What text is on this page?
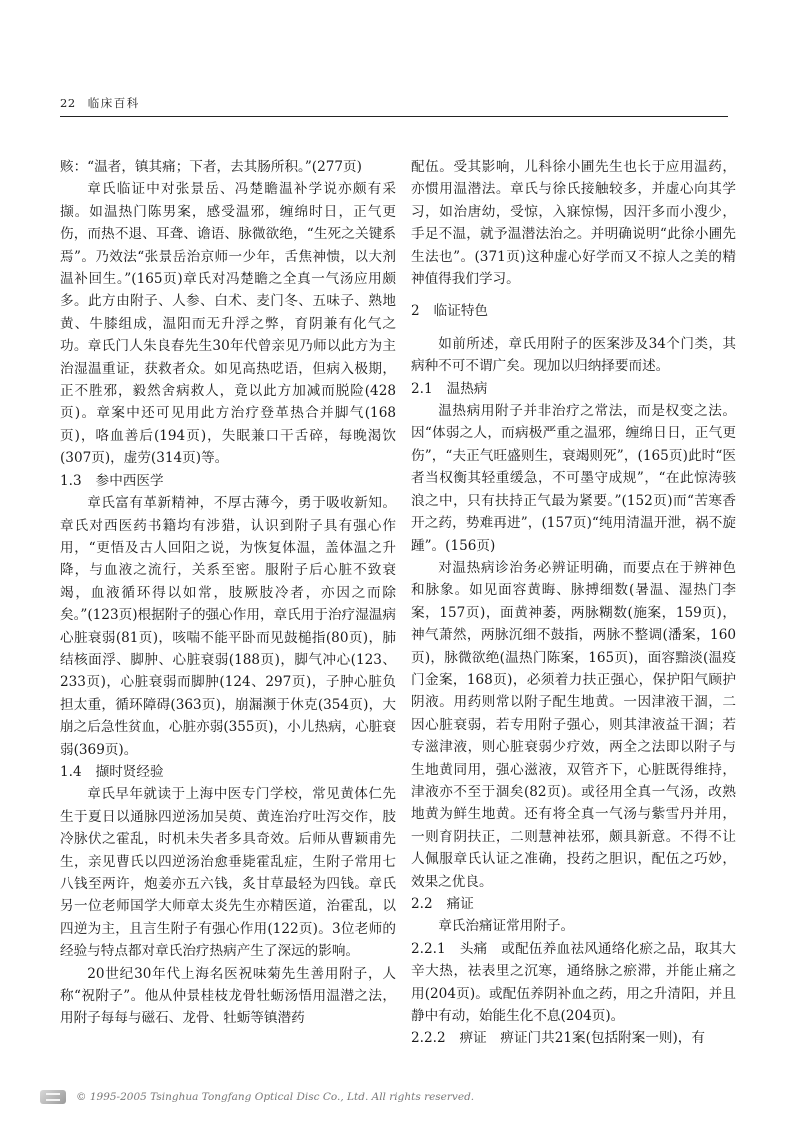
22 临床百科

赅：“温者，镇其痛；下者，去其肠所积。”(277页)

章氏临证中对张景岳、冯楚瞻温补学说亦颇有采撷。如温热门陈男案，感受温邪，缠绵时日，正气更伤，而热不退、耳聋、谵语、脉微欲绝，“生死之关键系焉”。乃效法“张景岳治京师一少年，舌焦神愦，以大剂温补回生。”(165页)章氏对冯楚瞻之全真一气汤应用颇多。此方由附子、人参、白术、麦门冬、五味子、熟地黄、牛膝组成，温阳而无升浮之弊，育阴兼有化气之功。章氏门人朱良春先生30年代曾亲见乃师以此方为主治湿温重证，获救者众。如见高热呓语，但病入极期，正不胜邪，毅然舍病救人，竟以此方加减而脱险(428页)。章案中还可见用此方治疗登革热合并脚气(168页)，咯血善后(194页)，失眠兼口干舌碎，每晚渴饮(307页)，虚劳(314页)等。

1.3 参中西医学

章氏富有革新精神，不厚古薄今，勇于吸收新知。章氏对西医药书籍均有涉猎，认识到附子具有强心作用，“更悟及古人回阳之说，为恢复体温，盖体温之升降，与血液之流行，关系至密。服附子后心脏不致衰竭，血液循环得以如常，肢厥肢冷者，亦因之而除矣。”(123页)根据附子的强心作用，章氏用于治疗湿温病心脏衰弱(81页)，咳喘不能平卧而见鼓槌指(80页)，肺结核面浮、脚肿、心脏衰弱(188页)，脚气冲心(123、233页)，心脏衰弱而脚肿(124、297页)，子肿心脏负担太重，循环障碍(363页)，崩漏濒于休克(354页)，大崩之后急性贫血，心脏亦弱(355页)，小儿热病，心脏衰弱(369页)。

1.4 撷时贤经验

章氏早年就读于上海中医专门学校，常见黄体仁先生于夏日以通脉四逆汤加吴萸、黄连治疗吐泻交作，肢冷脉伏之霍乱，时机未失者多具奇效。后师从曹颖甫先生，亲见曹氏以四逆汤治愈垂毙霍乱症，生附子常用七八钱至两许，炮姜亦五六钱，炙甘草最轻为四钱。章氏另一位老师国学大师章太炎先生亦精医道，治霍乱，以四逆为主，且言生附子有强心作用(122页)。3位老师的经验与特点都对章氏治疗热病产生了深远的影响。

20世纪30年代上海名医祝味菊先生善用附子，人称“祝附子”。他从仲景桂枝龙骨牡蛎汤悟用温潜之法，用附子每每与磁石、龙骨、牡蛎等镇潜药

配伍。受其影响，儿科徐小圃先生也长于应用温药，亦惯用温潜法。章氏与徐氏接触较多，并虚心向其学习，如治唐幼，受惊，入寐惊惕，因汗多而小溲少，手足不温，就予温潜法治之。并明确说明“此徐小圃先生法也”。(371页)这种虚心好学而又不掠人之美的精神值得我们学习。

2 临证特色

如前所述，章氏用附子的医案涉及34个门类，其病种不可不谓广矣。现加以归纳择要而述。

2.1 温热病

温热病用附子并非治疗之常法，而是权变之法。因“体弱之人，而病极严重之温邪，缠绵日日，正气更伤”，“夫正气旺盛则生，衰竭则死”，(165页)此时“医者当权衡其轻重缓急，不可墨守成规”，“在此惊涛骇浪之中，只有扶持正气最为紧要。”(152页)而“苦寒香开之药，势难再进”，(157页)“纯用清温开泄，祸不旋踵”。(156页)

对温热病诊治务必辨证明确，而要点在于辨神色和脉象。如见面容黄晦、脉搏细数(暑温、湿热门李案，157页)，面黄神萎，两脉糊数(施案，159页)，神气萧然，两脉沉细不鼓指，两脉不整调(潘案，160页)，脉微欲绝(温热门陈案，165页)，面容黯淡(温疫门金案，168页)，必须着力扶正强心，保护阳气顾护阴液。用药则常以附子配生地黄。一因津液干涸，二因心脏衰弱，若专用附子强心，则其津液益干涸；若专滋津液，则心脏衰弱少疗效，两全之法即以附子与生地黄同用，强心滋液，双管齐下，心脏既得维持，津液亦不至于涸矣(82页)。或径用全真一气汤，改熟地黄为鲜生地黄。还有将全真一气汤与紫雪丹并用，一则育阴扶正，二则慧神祛邪，颇具新意。不得不让人佩服章氏认证之准确，投药之胆识，配伍之巧妙，效果之优良。

2.2 痛证

章氏治痛证常用附子。

2.2.1 头痛　或配伍养血祛风通络化瘀之品，取其大辛大热，祛表里之沉寒，通络脉之瘀滞，并能止痛之用(204页)。或配伍养阴补血之药，用之升清阳，并且静中有动，始能生化不息(204页)。
2.2.2 痹证　痹证门共21案(包括附案一则)，有
© 1995-2005 Tsinghua Tongfang Optical Disc Co., Ltd. All rights reserved.
